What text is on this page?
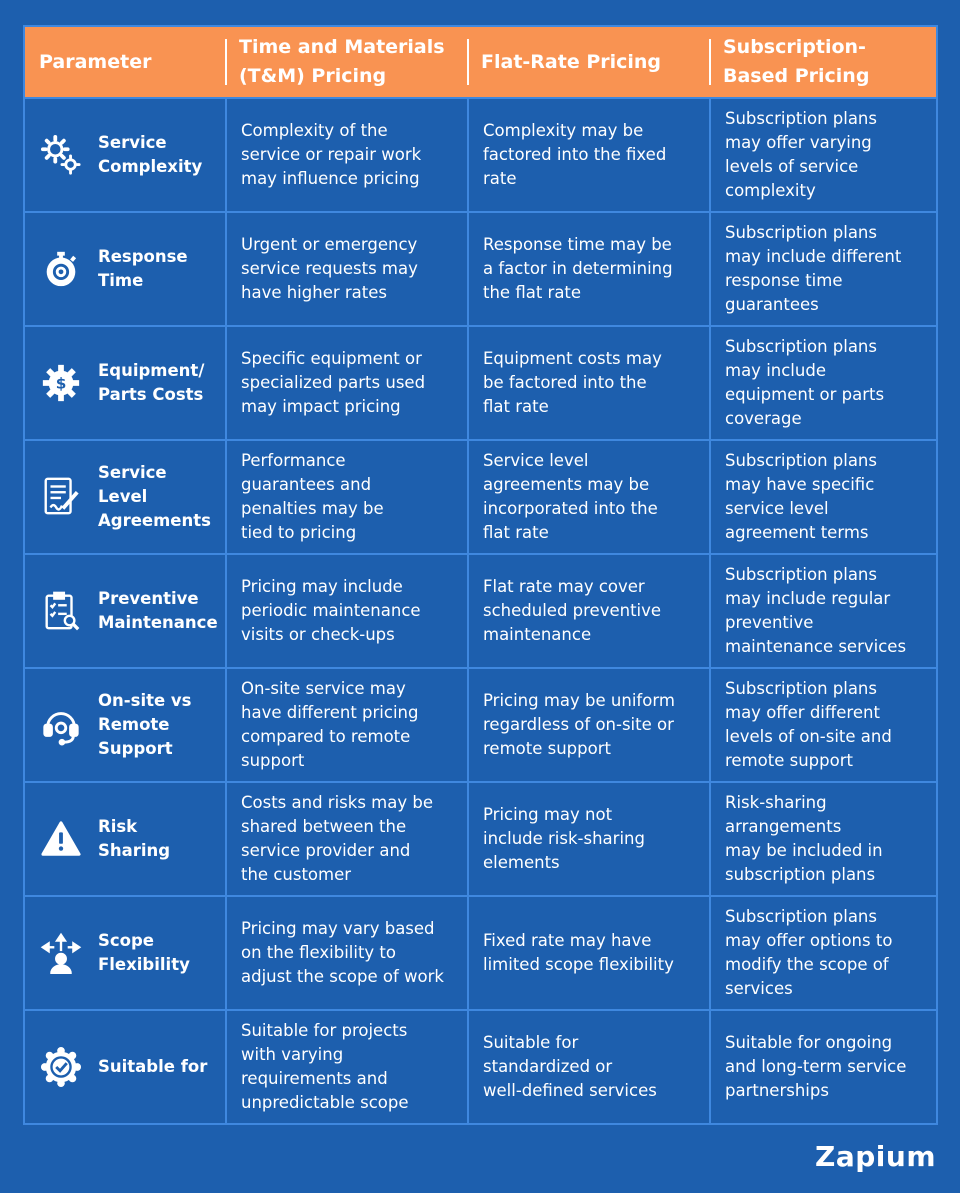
Parameter
Time and Materials
(T&M) Pricing
Flat-Rate Pricing
Subscription-
Based Pricing
Service
Complexity
Complexity of the
service or repair work
may influence pricing
Complexity may be
factored into the fixed
rate
Subscription plans
may offer varying
levels of service
complexity
Response
Time
Urgent or emergency
service requests may
have higher rates
Response time may be
a factor in determining
the flat rate
Subscription plans
may include different
response time
guarantees
$
Equipment/
Parts Costs
Specific equipment or
specialized parts used
may impact pricing
Equipment costs may
be factored into the
flat rate
Subscription plans
may include
equipment or parts
coverage
Service Level
Agreements
Performance
guarantees and
penalties may be
tied to pricing
Service level
agreements may be
incorporated into the
flat rate
Subscription plans
may have specific
service level
agreement terms
Preventive
Maintenance
Pricing may include
periodic maintenance
visits or check-ups
Flat rate may cover
scheduled preventive
maintenance
Subscription plans
may include regular
preventive
maintenance services
On-site vs
Remote
Support
On-site service may
have different pricing
compared to remote
support
Pricing may be uniform
regardless of on-site or
remote support
Subscription plans
may offer different
levels of on-site and
remote support
Risk
Sharing
Costs and risks may be
shared between the
service provider and
the customer
Pricing may not
include risk-sharing
elements
Risk-sharing
arrangements
may be included in
subscription plans
Scope
Flexibility
Pricing may vary based
on the flexibility to
adjust the scope of work
Fixed rate may have
limited scope flexibility
Subscription plans
may offer options to
modify the scope of
services
Suitable for
Suitable for projects
with varying
requirements and
unpredictable scope
Suitable for
standardized or
well-defined services
Suitable for ongoing
and long-term service
partnerships
Zapium
